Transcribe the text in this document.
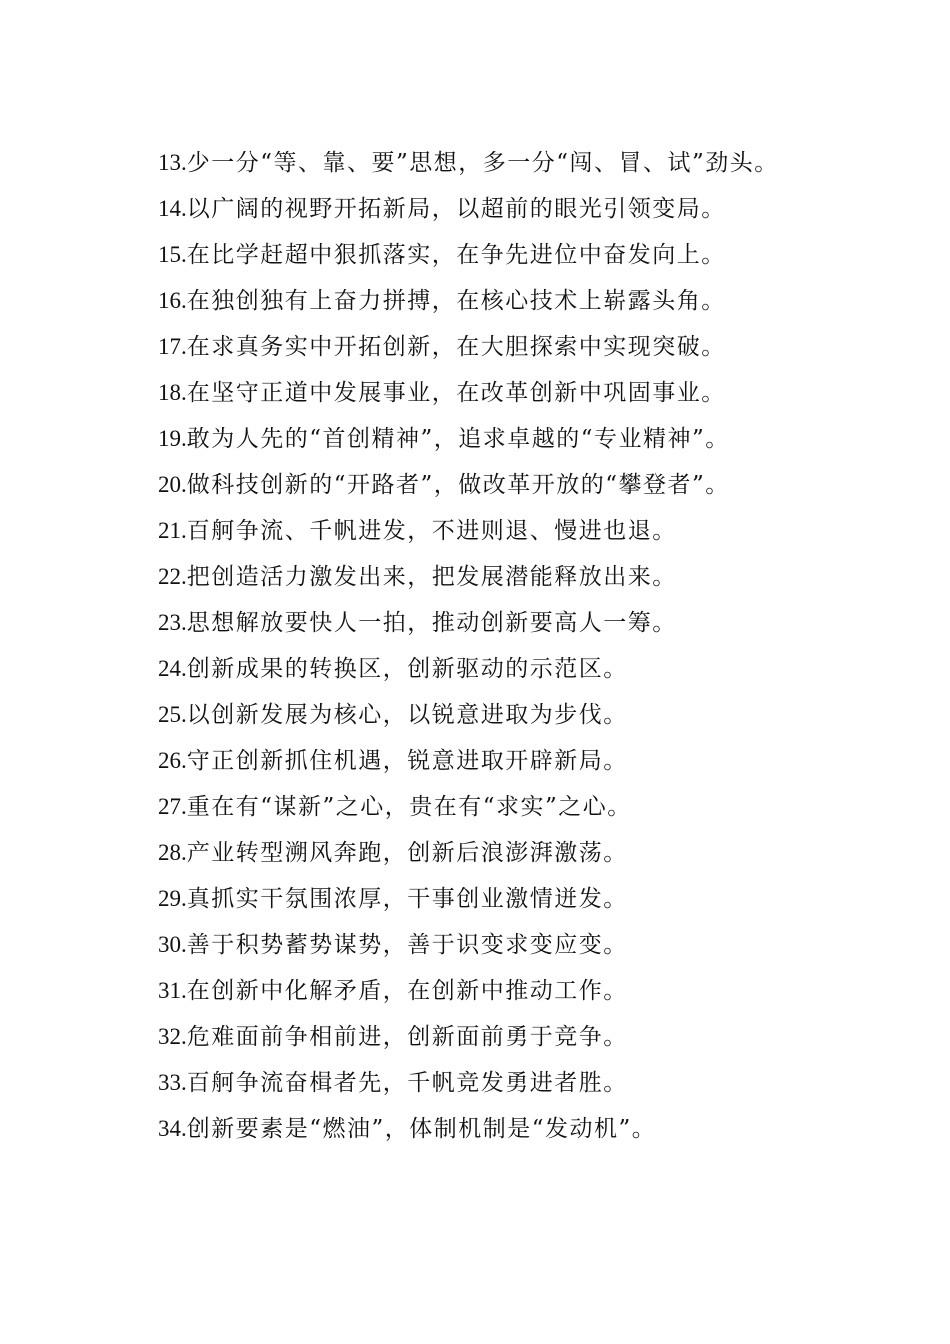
13.少一分“等、靠、要”思想，多一分“闯、冒、试”劲头。

14.以广阔的视野开拓新局，以超前的眼光引领变局。

15.在比学赶超中狠抓落实，在争先进位中奋发向上。

16.在独创独有上奋力拼搏，在核心技术上崭露头角。

17.在求真务实中开拓创新，在大胆探索中实现突破。

18.在坚守正道中发展事业，在改革创新中巩固事业。

19.敢为人先的“首创精神”，追求卓越的“专业精神”。

20.做科技创新的“开路者”，做改革开放的“攀登者”。

21.百舸争流、千帆进发，不进则退、慢进也退。

22.把创造活力激发出来，把发展潜能释放出来。

23.思想解放要快人一拍，推动创新要高人一筹。

24.创新成果的转换区，创新驱动的示范区。

25.以创新发展为核心，以锐意进取为步伐。

26.守正创新抓住机遇，锐意进取开辟新局。

27.重在有“谋新”之心，贵在有“求实”之心。

28.产业转型溯风奔跑，创新后浪澎湃激荡。

29.真抓实干氛围浓厚，干事创业激情迸发。

30.善于积势蓄势谋势，善于识变求变应变。

31.在创新中化解矛盾，在创新中推动工作。

32.危难面前争相前进，创新面前勇于竞争。

33.百舸争流奋楫者先，千帆竞发勇进者胜。

34.创新要素是“燃油”，体制机制是“发动机”。
